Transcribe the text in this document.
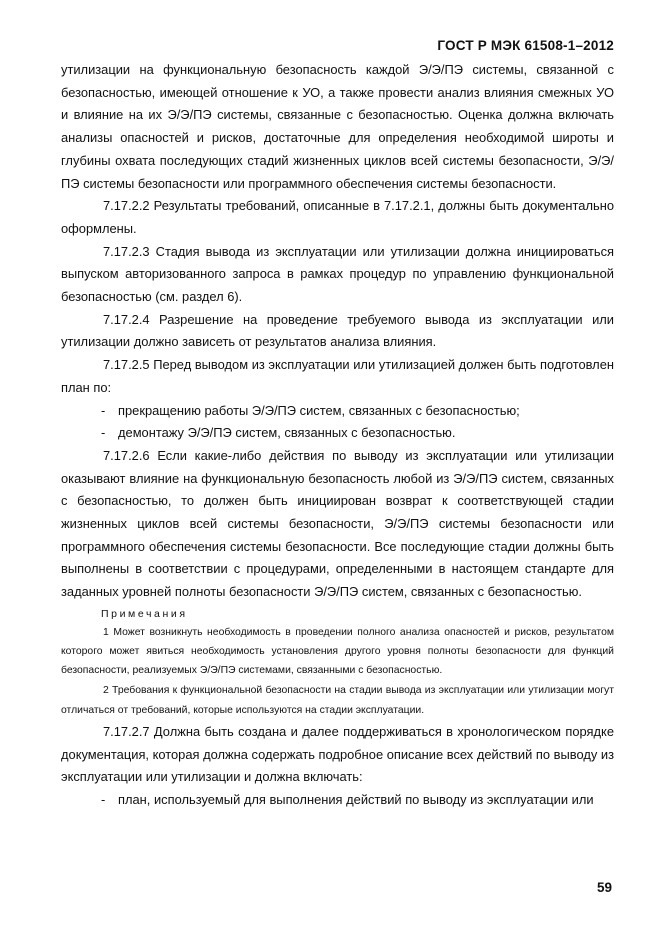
ГОСТ Р МЭК 61508-1–2012

утилизации на функциональную безопасность каждой Э/Э/ПЭ системы, связанной с безопасностью, имеющей отношение к УО, а также провести анализ влияния смежных УО и влияние на их Э/Э/ПЭ системы, связанные с безопасностью. Оценка должна включать анализы опасностей и рисков, достаточные для определения необходимой широты и глубины охвата последующих стадий жизненных циклов всей системы безопасности, Э/Э/ПЭ системы безопасности или программного обеспечения системы безопасности.

7.17.2.2 Результаты требований, описанные в 7.17.2.1, должны быть документально оформлены.

7.17.2.3 Стадия вывода из эксплуатации или утилизации должна инициироваться выпуском авторизованного запроса в рамках процедур по управлению функциональной безопасностью (см. раздел 6).

7.17.2.4 Разрешение на проведение требуемого вывода из эксплуатации или утилизации должно зависеть от результатов анализа влияния.

7.17.2.5 Перед выводом из эксплуатации или утилизацией должен быть подготовлен план по:

- прекращению работы Э/Э/ПЭ систем, связанных с безопасностью;
- демонтажу Э/Э/ПЭ систем, связанных с безопасностью.

7.17.2.6 Если какие-либо действия по выводу из эксплуатации или утилизации оказывают влияние на функциональную безопасность любой из Э/Э/ПЭ систем, связанных с безопасностью, то должен быть инициирован возврат к соответствующей стадии жизненных циклов всей системы безопасности, Э/Э/ПЭ системы безопасности или программного обеспечения системы безопасности. Все последующие стадии должны быть выполнены в соответствии с процедурами, определенными в настоящем стандарте для заданных уровней полноты безопасности Э/Э/ПЭ систем, связанных с безопасностью.

Примечания

1 Может возникнуть необходимость в проведении полного анализа опасностей и рисков, результатом которого может явиться необходимость установления другого уровня полноты безопасности для функций безопасности, реализуемых Э/Э/ПЭ системами, связанными с безопасностью.

2 Требования к функциональной безопасности на стадии вывода из эксплуатации или утилизации могут отличаться от требований, которые используются на стадии эксплуатации.

7.17.2.7 Должна быть создана и далее поддерживаться в хронологическом порядке документация, которая должна содержать подробное описание всех действий по выводу из эксплуатации или утилизации и должна включать:

- план, используемый для выполнения действий по выводу из эксплуатации или
59
